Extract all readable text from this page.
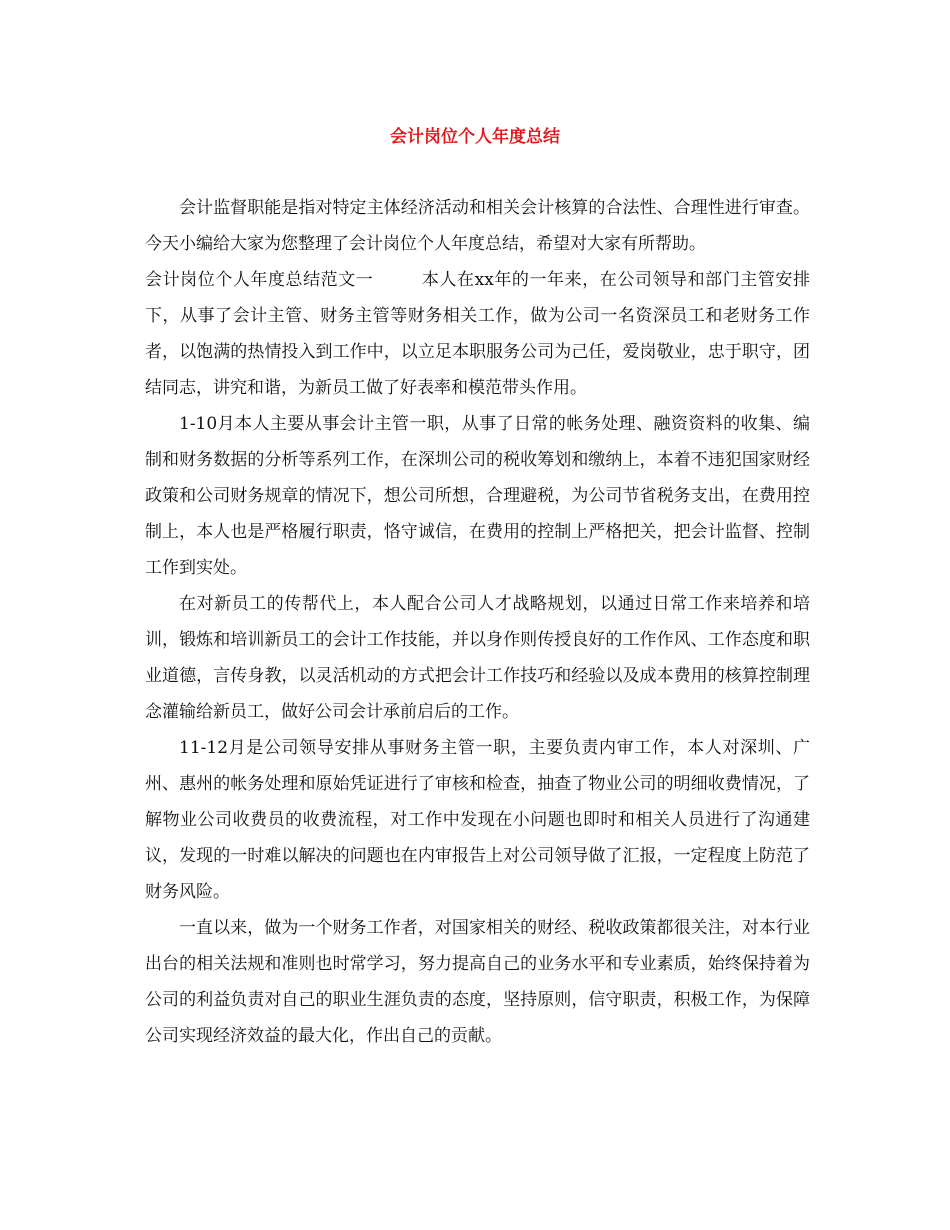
会计岗位个人年度总结

会计监督职能是指对特定主体经济活动和相关会计核算的合法性、合理性进行审查。今天小编给大家为您整理了会计岗位个人年度总结，希望对大家有所帮助。

会计岗位个人年度总结范文一	本人在xx年的一年来，在公司领导和部门主管安排下，从事了会计主管、财务主管等财务相关工作，做为公司一名资深员工和老财务工作者，以饱满的热情投入到工作中，以立足本职服务公司为己任，爱岗敬业，忠于职守，团结同志，讲究和谐，为新员工做了好表率和模范带头作用。

1-10月本人主要从事会计主管一职，从事了日常的帐务处理、融资资料的收集、编制和财务数据的分析等系列工作，在深圳公司的税收筹划和缴纳上，本着不违犯国家财经政策和公司财务规章的情况下，想公司所想，合理避税，为公司节省税务支出，在费用控制上，本人也是严格履行职责，恪守诚信，在费用的控制上严格把关，把会计监督、控制工作到实处。

在对新员工的传帮代上，本人配合公司人才战略规划，以通过日常工作来培养和培训，锻炼和培训新员工的会计工作技能，并以身作则传授良好的工作作风、工作态度和职业道德，言传身教，以灵活机动的方式把会计工作技巧和经验以及成本费用的核算控制理念灌输给新员工，做好公司会计承前启后的工作。

11-12月是公司领导安排从事财务主管一职，主要负责内审工作，本人对深圳、广州、惠州的帐务处理和原始凭证进行了审核和检查，抽查了物业公司的明细收费情况，了解物业公司收费员的收费流程，对工作中发现在小问题也即时和相关人员进行了沟通建议，发现的一时难以解决的问题也在内审报告上对公司领导做了汇报，一定程度上防范了财务风险。

一直以来，做为一个财务工作者，对国家相关的财经、税收政策都很关注，对本行业出台的相关法规和准则也时常学习，努力提高自己的业务水平和专业素质，始终保持着为公司的利益负责对自己的职业生涯负责的态度，坚持原则，信守职责，积极工作，为保障公司实现经济效益的最大化，作出自己的贡献。
